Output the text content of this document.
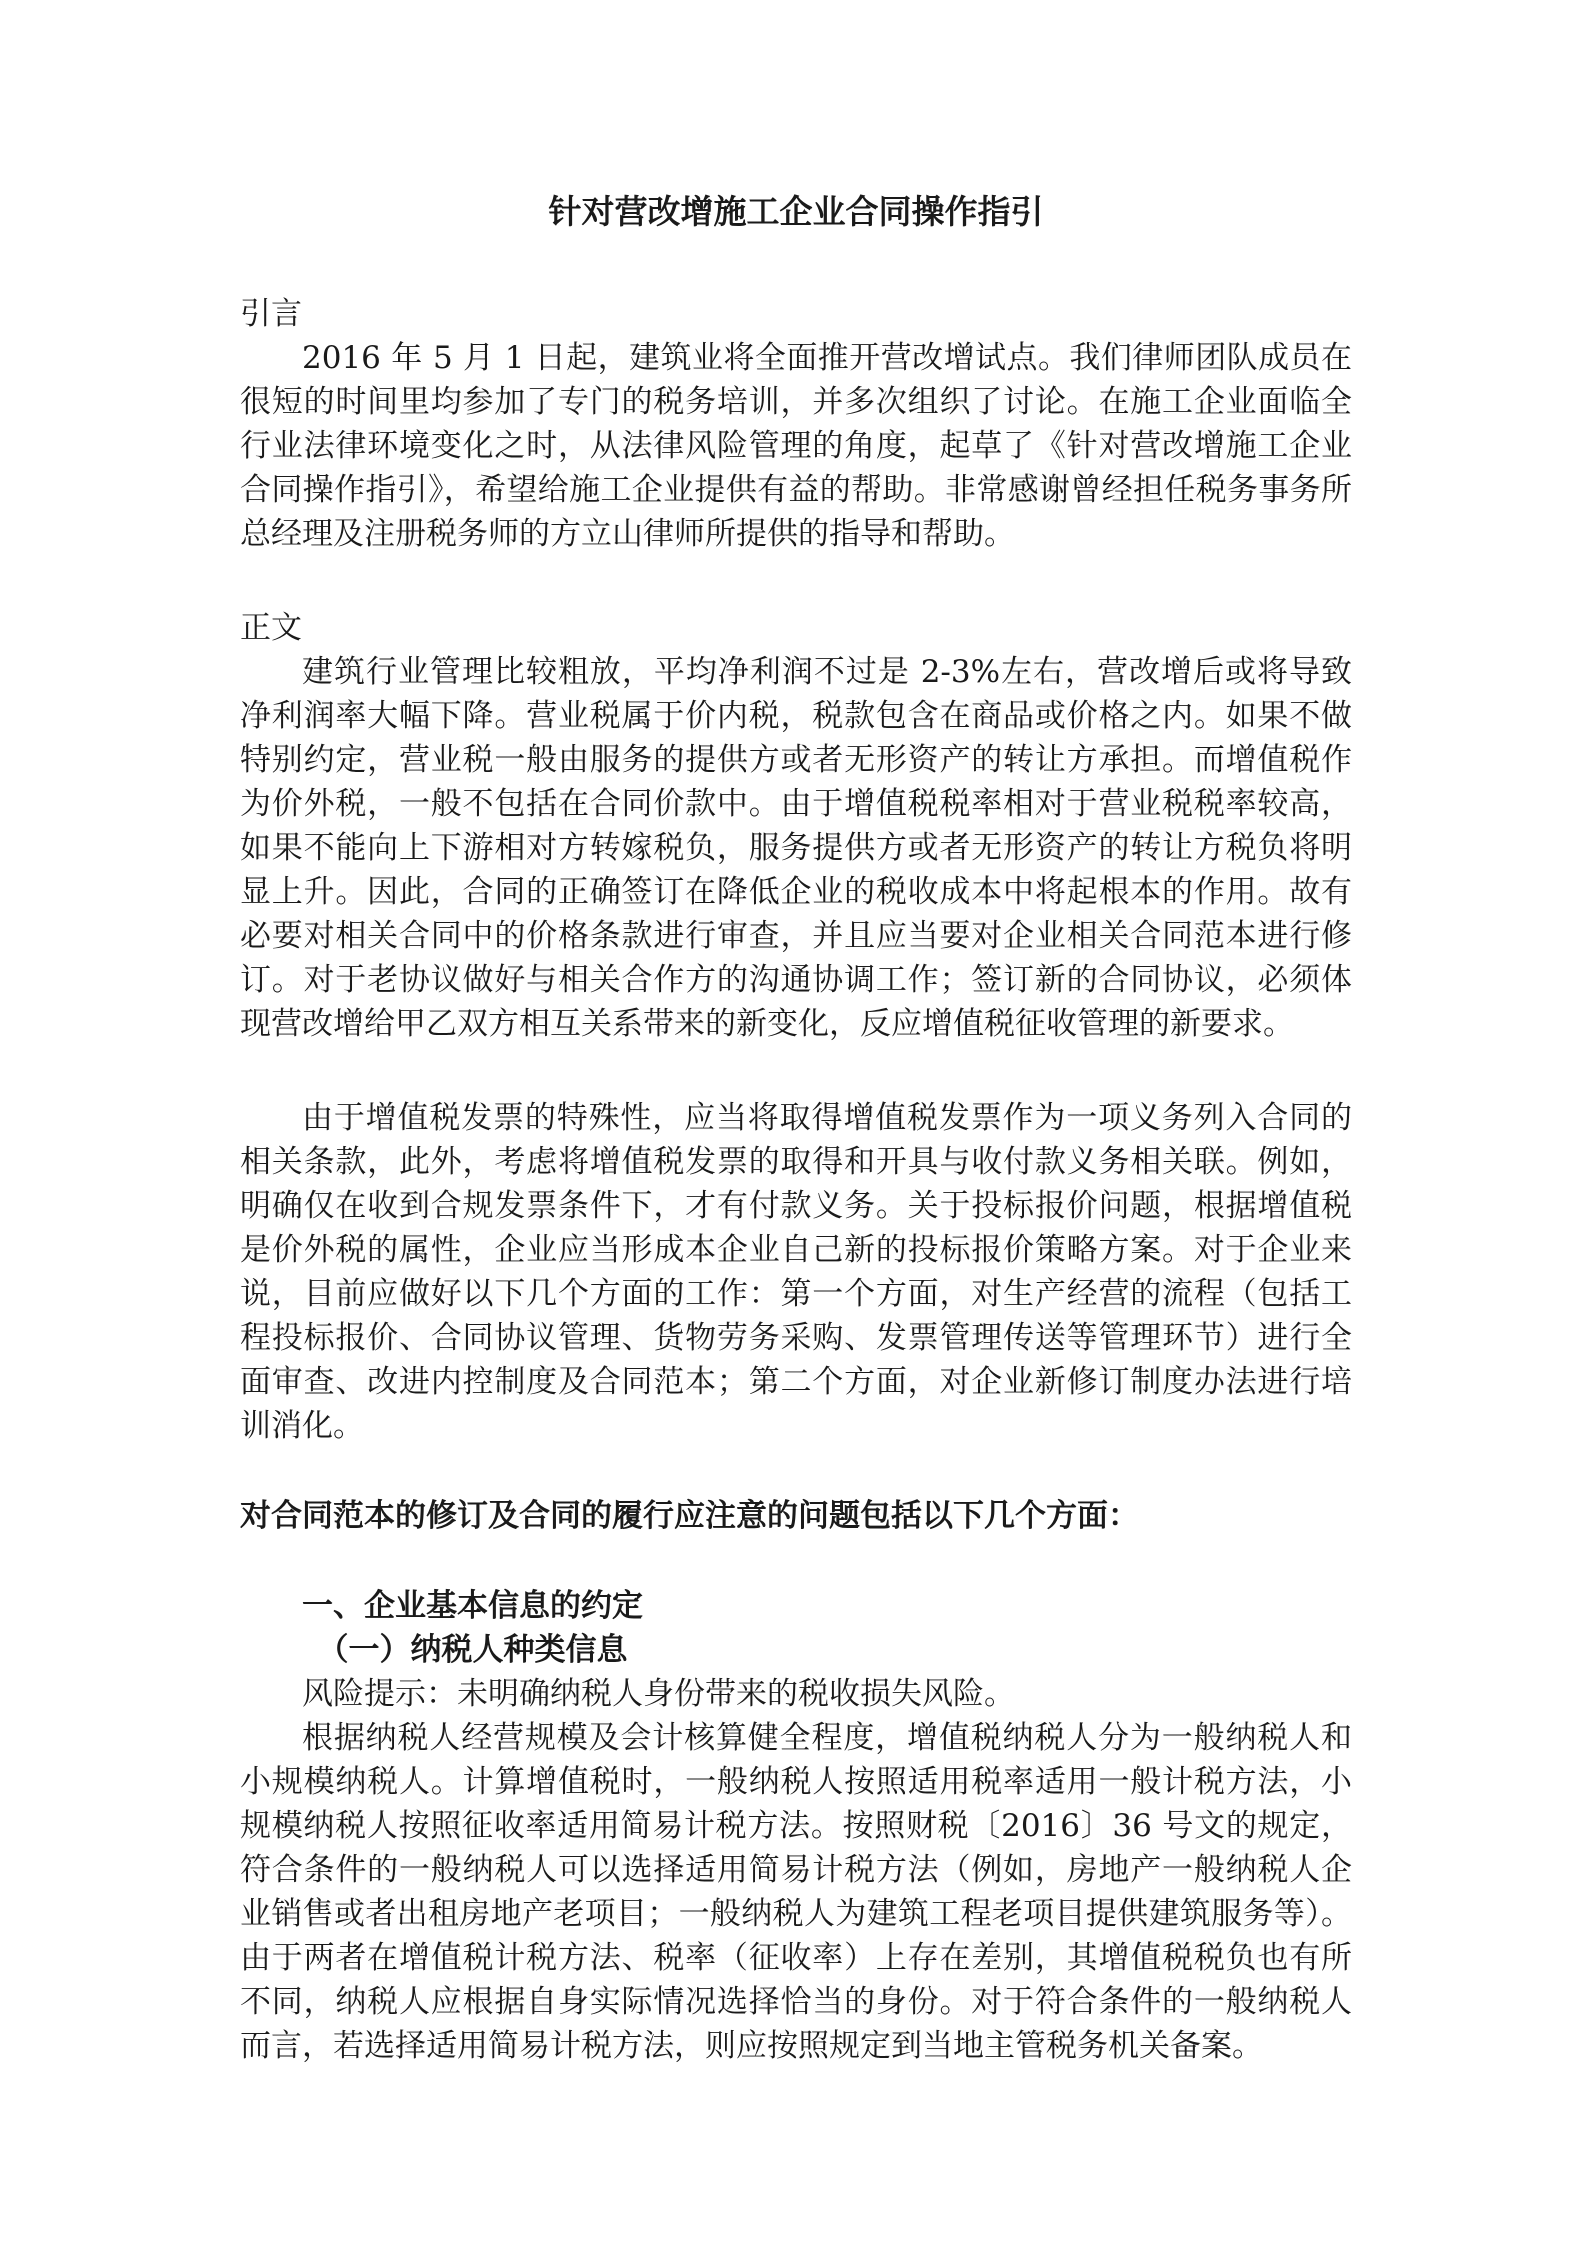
针对营改增施工企业合同操作指引

引言

2016 年 5 月 1 日起，建筑业将全面推开营改增试点。我们律师团队成员在很短的时间里均参加了专门的税务培训，并多次组织了讨论。在施工企业面临全行业法律环境变化之时，从法律风险管理的角度，起草了《针对营改增施工企业合同操作指引》，希望给施工企业提供有益的帮助。非常感谢曾经担任税务事务所总经理及注册税务师的方立山律师所提供的指导和帮助。

正文

建筑行业管理比较粗放，平均净利润不过是 2-3%左右，营改增后或将导致净利润率大幅下降。营业税属于价内税，税款包含在商品或价格之内。如果不做特别约定，营业税一般由服务的提供方或者无形资产的转让方承担。而增值税作为价外税，一般不包括在合同价款中。由于增值税税率相对于营业税税率较高，如果不能向上下游相对方转嫁税负，服务提供方或者无形资产的转让方税负将明显上升。因此，合同的正确签订在降低企业的税收成本中将起根本的作用。故有必要对相关合同中的价格条款进行审查，并且应当要对企业相关合同范本进行修订。对于老协议做好与相关合作方的沟通协调工作；签订新的合同协议，必须体现营改增给甲乙双方相互关系带来的新变化，反应增值税征收管理的新要求。

由于增值税发票的特殊性，应当将取得增值税发票作为一项义务列入合同的相关条款，此外，考虑将增值税发票的取得和开具与收付款义务相关联。例如，明确仅在收到合规发票条件下，才有付款义务。关于投标报价问题，根据增值税是价外税的属性，企业应当形成本企业自己新的投标报价策略方案。对于企业来说，目前应做好以下几个方面的工作：第一个方面，对生产经营的流程（包括工程投标报价、合同协议管理、货物劳务采购、发票管理传送等管理环节）进行全面审查、改进内控制度及合同范本；第二个方面，对企业新修订制度办法进行培训消化。

对合同范本的修订及合同的履行应注意的问题包括以下几个方面：

一、企业基本信息的约定

（一）纳税人种类信息

风险提示：未明确纳税人身份带来的税收损失风险。

根据纳税人经营规模及会计核算健全程度，增值税纳税人分为一般纳税人和小规模纳税人。计算增值税时，一般纳税人按照适用税率适用一般计税方法，小规模纳税人按照征收率适用简易计税方法。按照财税〔2016〕36 号文的规定，符合条件的一般纳税人可以选择适用简易计税方法（例如，房地产一般纳税人企业销售或者出租房地产老项目；一般纳税人为建筑工程老项目提供建筑服务等）。由于两者在增值税计税方法、税率（征收率）上存在差别，其增值税税负也有所不同，纳税人应根据自身实际情况选择恰当的身份。对于符合条件的一般纳税人而言，若选择适用简易计税方法，则应按照规定到当地主管税务机关备案。
